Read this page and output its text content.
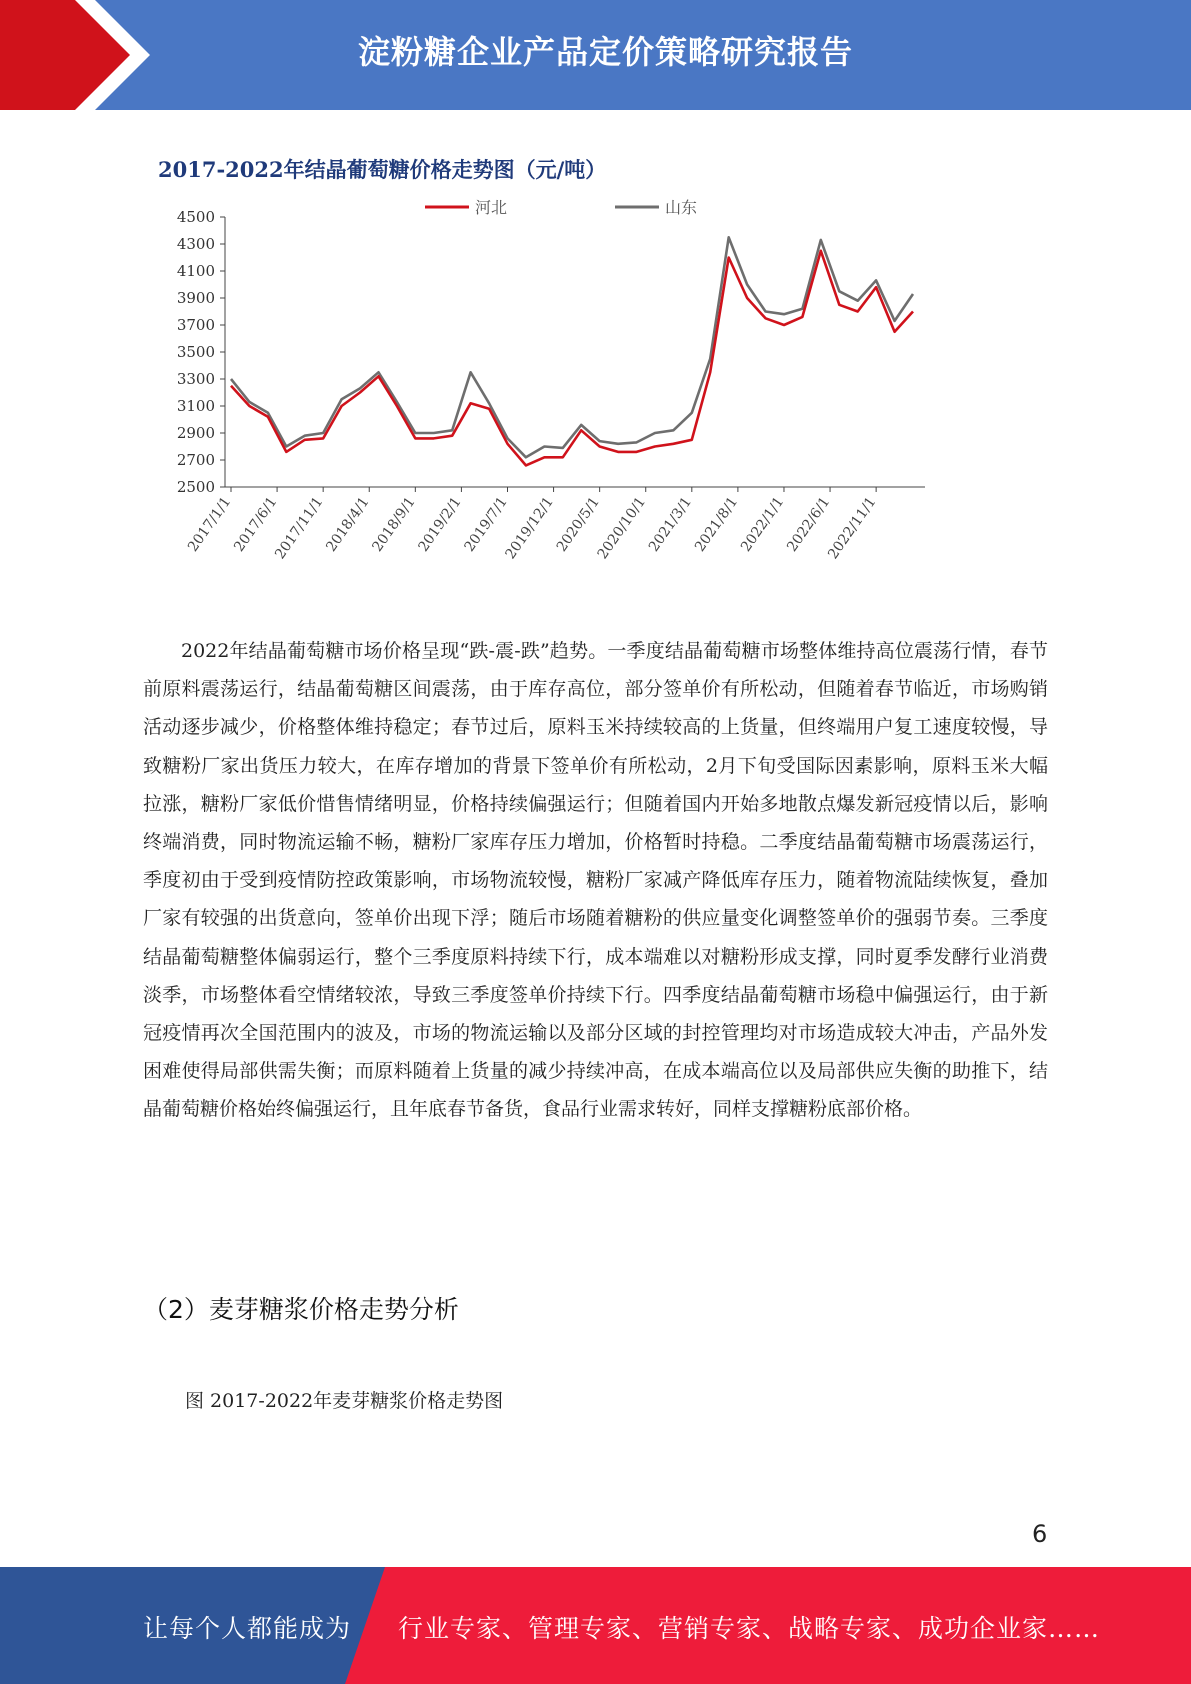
淀粉糖企业产品定价策略研究报告
2017-2022年结晶葡萄糖价格走势图（元/吨）
4500
4300
4100
3900
3700
3500
3300
3100
2900
2700
2500
2017/1/1
2017/6/1
2017/11/1
2018/4/1
2018/9/1
2019/2/1
2019/7/1
2019/12/1
2020/5/1
2020/10/1
2021/3/1
2021/8/1
2022/1/1
2022/6/1
2022/11/1
河北	山东
2022年结晶葡萄糖市场价格呈现“跌-震-跌”趋势。一季度结晶葡萄糖市场整体维持高位震荡行情，春节前原料震荡运行，结晶葡萄糖区间震荡，由于库存高位，部分签单价有所松动，但随着春节临近，市场购销活动逐步减少，价格整体维持稳定；春节过后，原料玉米持续较高的上货量，但终端用户复工速度较慢，导致糖粉厂家出货压力较大，在库存增加的背景下签单价有所松动，2月下旬受国际因素影响，原料玉米大幅拉涨，糖粉厂家低价惜售情绪明显，价格持续偏强运行；但随着国内开始多地散点爆发新冠疫情以后，影响终端消费，同时物流运输不畅，糖粉厂家库存压力增加，价格暂时持稳。二季度结晶葡萄糖市场震荡运行，季度初由于受到疫情防控政策影响，市场物流较慢，糖粉厂家减产降低库存压力，随着物流陆续恢复，叠加厂家有较强的出货意向，签单价出现下浮；随后市场随着糖粉的供应量变化调整签单价的强弱节奏。三季度结晶葡萄糖整体偏弱运行，整个三季度原料持续下行，成本端难以对糖粉形成支撑，同时夏季发酵行业消费淡季，市场整体看空情绪较浓，导致三季度签单价持续下行。四季度结晶葡萄糖市场稳中偏强运行，由于新冠疫情再次全国范围内的波及，市场的物流运输以及部分区域的封控管理均对市场造成较大冲击，产品外发困难使得局部供需失衡；而原料随着上货量的减少持续冲高，在成本端高位以及局部供应失衡的助推下，结晶葡萄糖价格始终偏强运行，且年底春节备货，食品行业需求转好，同样支撑糖粉底部价格。
（2）麦芽糖浆价格走势分析
图 2017-2022年麦芽糖浆价格走势图
6
让每个人都能成为 行业专家、管理专家、营销专家、战略专家、成功企业家……
